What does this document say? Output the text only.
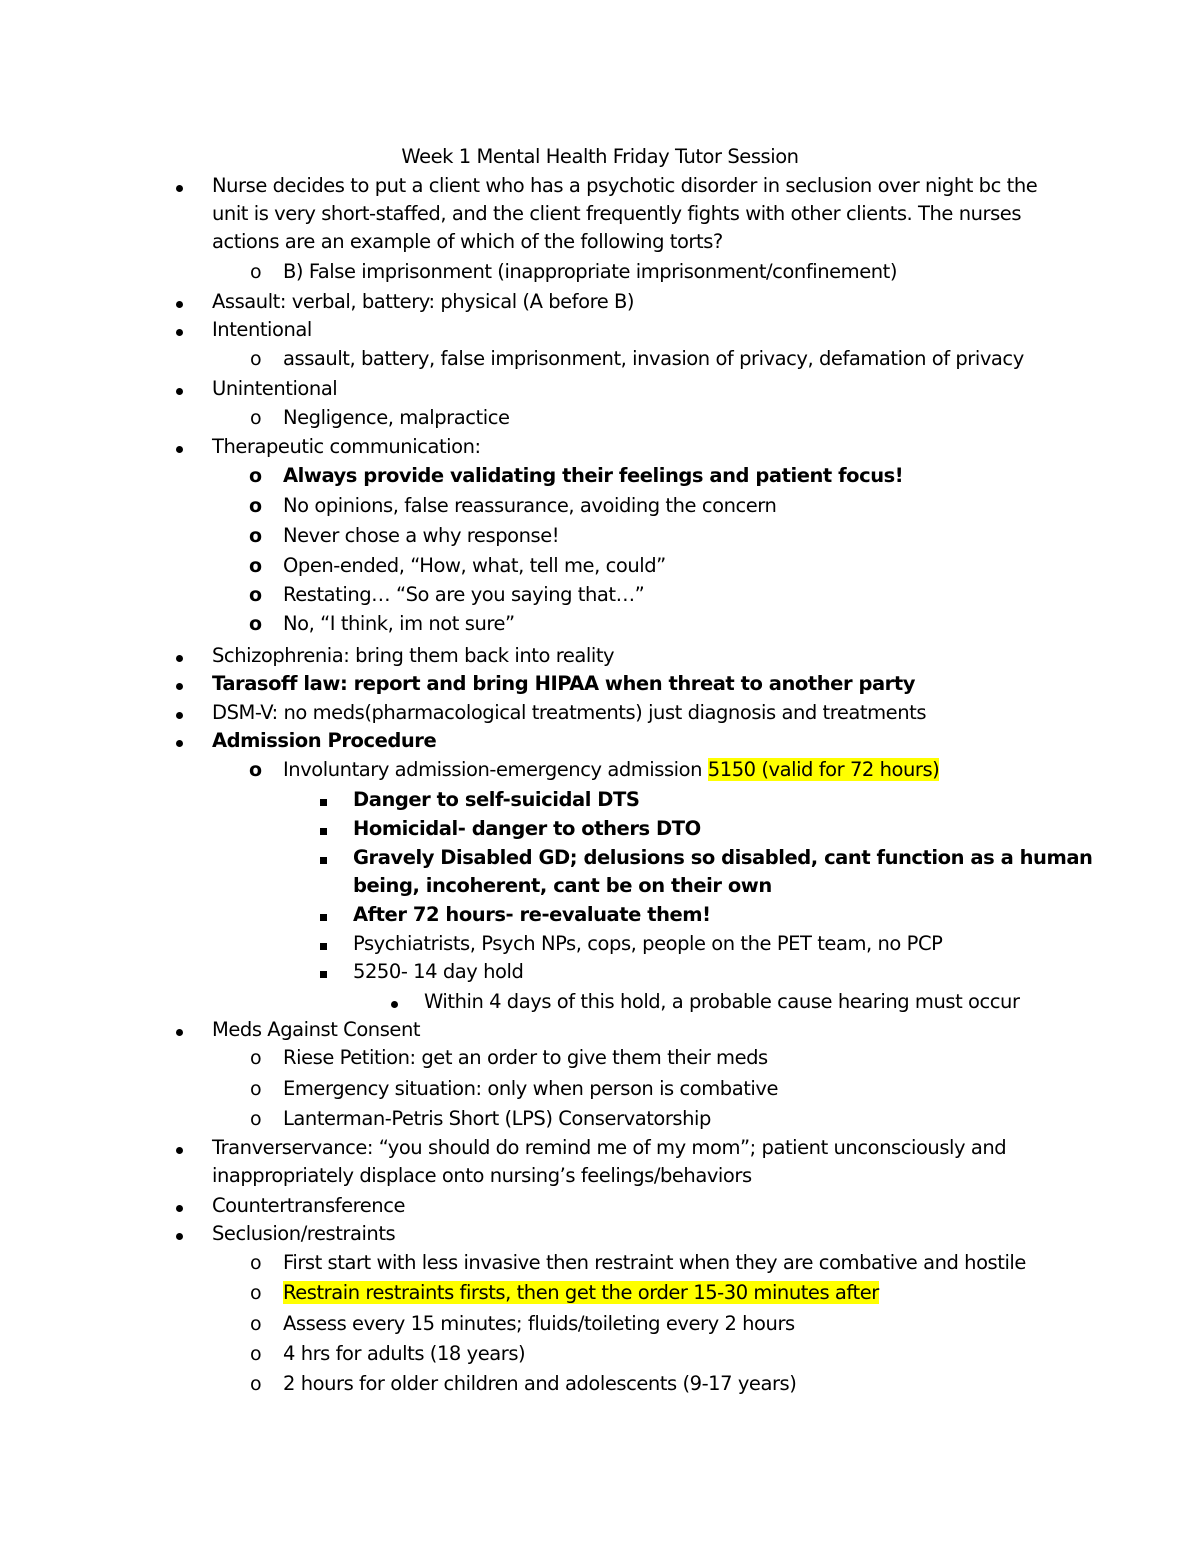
Week 1 Mental Health Friday Tutor Session
Nurse decides to put a client who has a psychotic disorder in seclusion over night bc the
unit is very short-staffed, and the client frequently fights with other clients. The nurses
actions are an example of which of the following torts?
o B) False imprisonment (inappropriate imprisonment/confinement)
Assault: verbal, battery: physical (A before B)
Intentional
o assault, battery, false imprisonment, invasion of privacy, defamation of privacy
Unintentional
o Negligence, malpractice
Therapeutic communication:
o Always provide validating their feelings and patient focus!
o No opinions, false reassurance, avoiding the concern
o Never chose a why response!
o Open-ended, “How, what, tell me, could”
o Restating… “So are you saying that…”
o No, “I think, im not sure”
Schizophrenia: bring them back into reality
Tarasoff law: report and bring HIPAA when threat to another party
DSM-V: no meds(pharmacological treatments) just diagnosis and treatments
Admission Procedure
o Involuntary admission-emergency admission 5150 (valid for 72 hours)
Danger to self-suicidal DTS
Homicidal- danger to others DTO
Gravely Disabled GD; delusions so disabled, cant function as a human
being, incoherent, cant be on their own
After 72 hours- re-evaluate them!
Psychiatrists, Psych NPs, cops, people on the PET team, no PCP
5250- 14 day hold
Within 4 days of this hold, a probable cause hearing must occur
Meds Against Consent
o Riese Petition: get an order to give them their meds
o Emergency situation: only when person is combative
o Lanterman-Petris Short (LPS) Conservatorship
Tranverservance: “you should do remind me of my mom”; patient unconsciously and
inappropriately displace onto nursing’s feelings/behaviors
Countertransference
Seclusion/restraints
o First start with less invasive then restraint when they are combative and hostile
o Restrain restraints firsts, then get the order 15-30 minutes after
o Assess every 15 minutes; fluids/toileting every 2 hours
o 4 hrs for adults (18 years)
o 2 hours for older children and adolescents (9-17 years)
